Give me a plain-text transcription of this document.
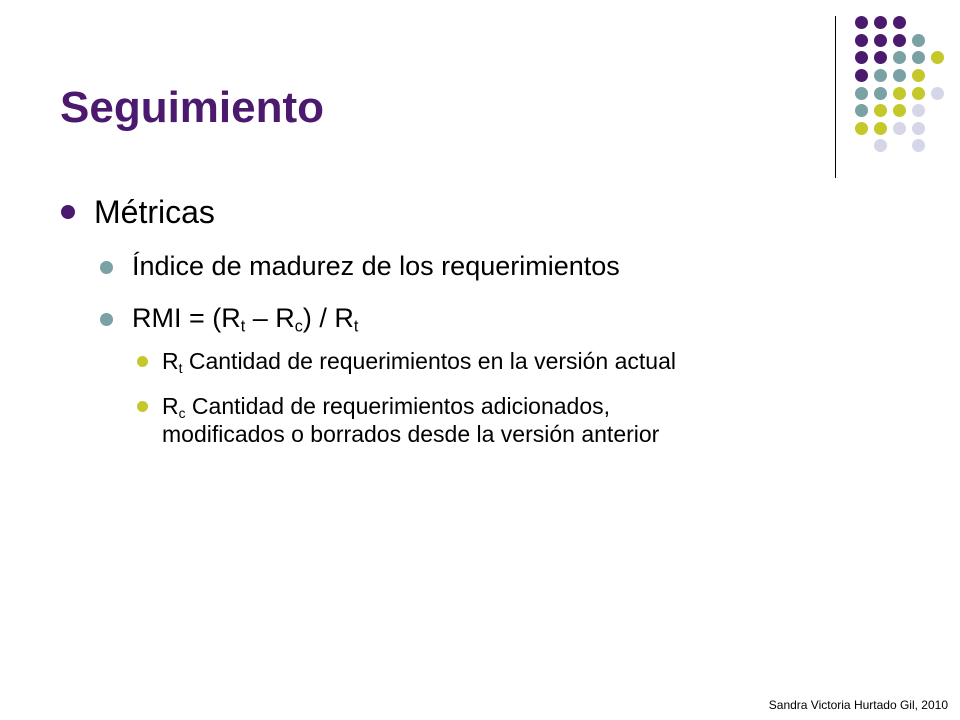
Seguimiento
Métricas
Índice de madurez de los requerimientos
RMI = $(R_t - R_c) / R_t$
$R_t$ Cantidad de requerimientos en la versión actual
$R_c$ Cantidad de requerimientos adicionados,
modificados o borrados desde la versión anterior
Sandra Victoria Hurtado Gil, 2010
